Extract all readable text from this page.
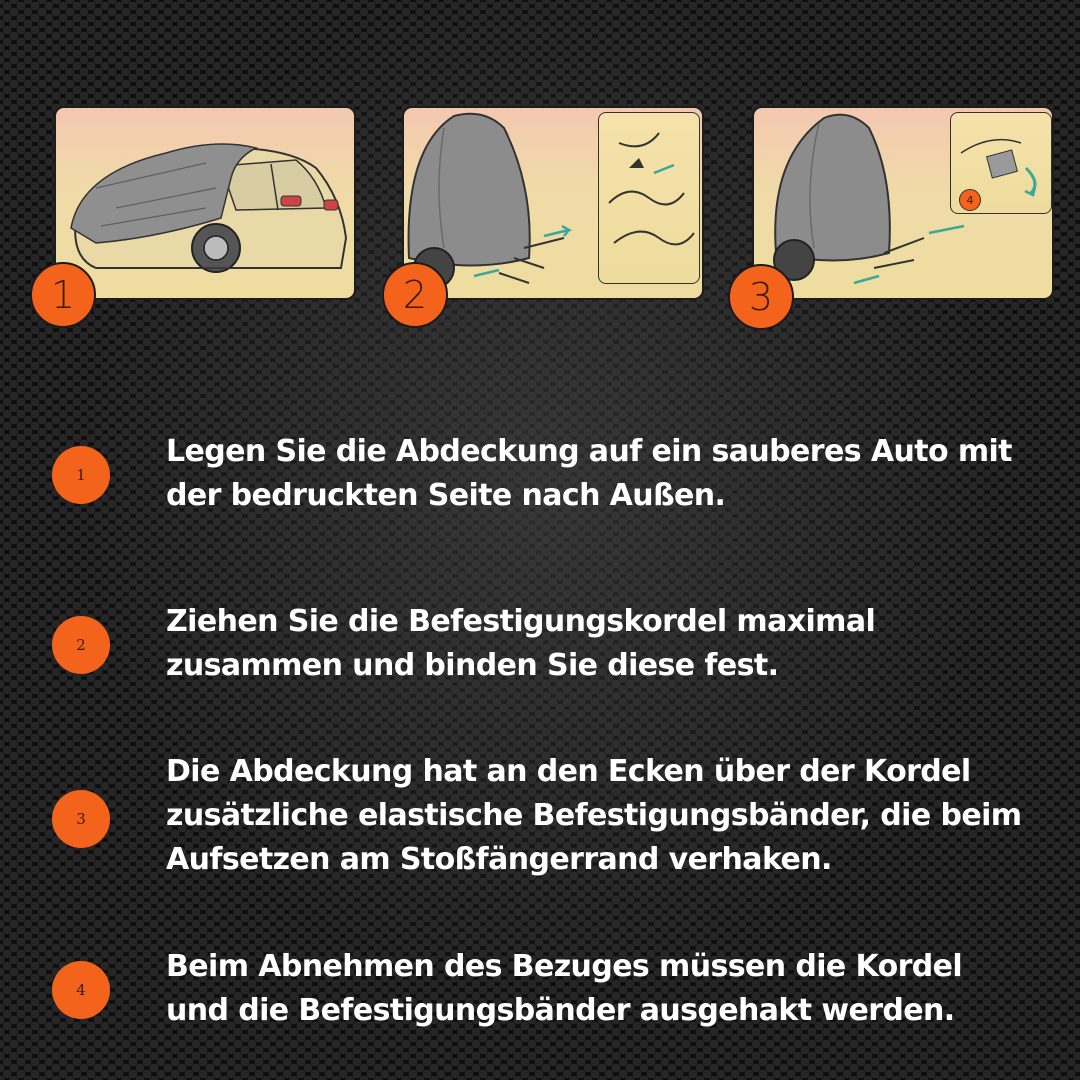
4
1	2	3
1

Legen Sie die Abdeckung auf ein sauberes Auto mit der bedruckten Seite nach Außen.

2

Ziehen Sie die Befestigungskordel maximal zusammen und binden Sie diese fest.

3

Die Abdeckung hat an den Ecken über der Kordel zusätzliche elastische Befestigungsbänder, die beim Aufsetzen am Stoßfängerrand verhaken.

4

Beim Abnehmen des Bezuges müssen die Kordel und die Befestigungsbänder ausgehakt werden.
